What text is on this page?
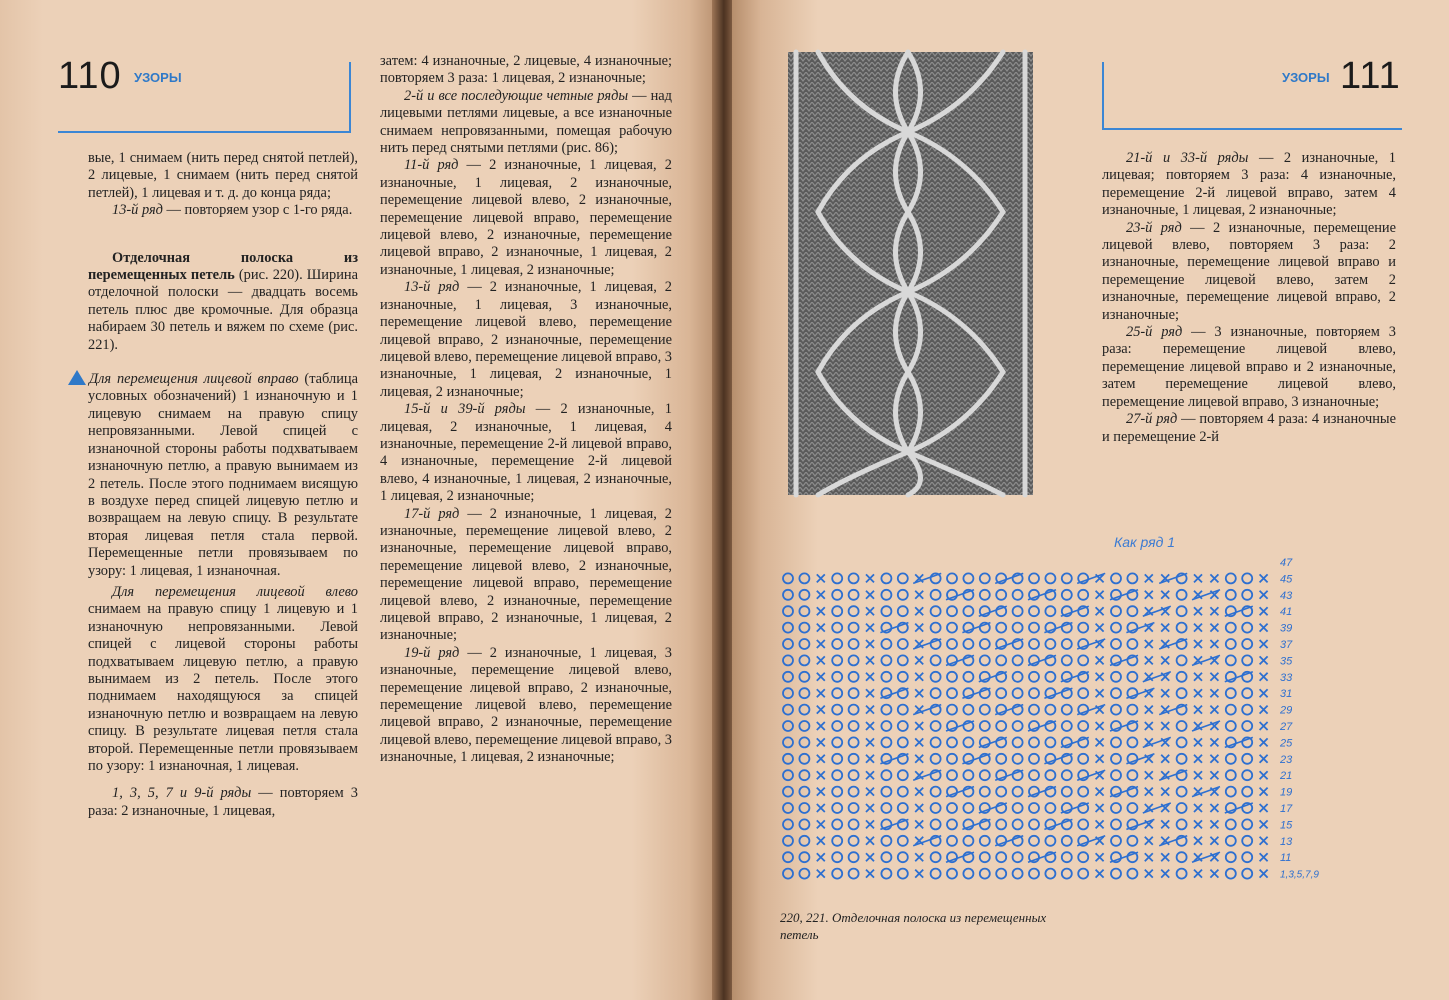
110 УЗОРЫ

вые, 1 снимаем (нить перед снятой петлей), 2 лицевые, 1 снимаем (нить перед снятой петлей), 1 лицевая и т. д. до конца ряда;

13-й ряд — повторяем узор с 1-го ряда.

Отделочная полоска из перемещенных петель (рис. 220). Ширина отделочной полоски — двадцать восемь петель плюс две кромочные. Для образца набираем 30 петель и вяжем по схеме (рис. 221).

Для перемещения лицевой вправо (таблица условных обозначений) 1 изнаночную и 1 лицевую снимаем на правую спицу непровязанными. Левой спицей с изнаночной стороны работы подхватываем изнаночную петлю, а правую вынимаем из 2 петель. После этого поднимаем висящую в воздухе перед спицей лицевую петлю и возвращаем на левую спицу. В результате вторая лицевая петля стала первой. Перемещенные петли провязываем по узору: 1 лицевая, 1 изнаночная.

Для перемещения лицевой влево снимаем на правую спицу 1 лицевую и 1 изнаночную непровязанными. Левой спицей с лицевой стороны работы подхватываем лицевую петлю, а правую вынимаем из 2 петель. После этого поднимаем находящуюся за спицей изнаночную петлю и возвращаем на левую спицу. В результате лицевая петля стала второй. Перемещенные петли провязываем по узору: 1 изнаночная, 1 лицевая.

1, 3, 5, 7 и 9-й ряды — повторяем 3 раза: 2 изнаночные, 1 лицевая,

затем: 4 изнаночные, 2 лицевые, 4 изнаночные; повторяем 3 раза: 1 лицевая, 2 изнаночные;

2-й и все последующие четные ряды — над лицевыми петлями лицевые, а все изнаночные снимаем непровязанными, помещая рабочую нить перед снятыми петлями (рис. 86);

11-й ряд — 2 изнаночные, 1 лицевая, 2 изнаночные, 1 лицевая, 2 изнаночные, перемещение лицевой влево, 2 изнаночные, перемещение лицевой вправо, перемещение лицевой влево, 2 изнаночные, перемещение лицевой вправо, 2 изнаночные, 1 лицевая, 2 изнаночные, 1 лицевая, 2 изнаночные;

13-й ряд — 2 изнаночные, 1 лицевая, 2 изнаночные, 1 лицевая, 3 изнаночные, перемещение лицевой влево, перемещение лицевой вправо, 2 изнаночные, перемещение лицевой влево, перемещение лицевой вправо, 3 изнаночные, 1 лицевая, 2 изнаночные, 1 лицевая, 2 изнаночные;

15-й и 39-й ряды — 2 изнаночные, 1 лицевая, 2 изнаночные, 1 лицевая, 4 изнаночные, перемещение 2-й лицевой вправо, 4 изнаночные, перемещение 2-й лицевой влево, 4 изнаночные, 1 лицевая, 2 изнаночные, 1 лицевая, 2 изнаночные;

17-й ряд — 2 изнаночные, 1 лицевая, 2 изнаночные, перемещение лицевой влево, 2 изнаночные, перемещение лицевой вправо, перемещение лицевой влево, 2 изнаночные, перемещение лицевой вправо, перемещение лицевой влево, 2 изнаночные, перемещение лицевой вправо, 2 изнаночные, 1 лицевая, 2 изнаночные;

19-й ряд — 2 изнаночные, 1 лицевая, 3 изнаночные, перемещение лицевой влево, перемещение лицевой вправо, 2 изнаночные, перемещение лицевой влево, перемещение лицевой вправо, 2 изнаночные, перемещение лицевой влево, перемещение лицевой вправо, 3 изнаночные, 1 лицевая, 2 изнаночные;

УЗОРЫ 111

21-й и 33-й ряды — 2 изнаночные, 1 лицевая; повторяем 3 раза: 4 изнаночные, перемещение 2-й лицевой вправо, затем 4 изнаночные, 1 лицевая, 2 изнаночные;

23-й ряд — 2 изнаночные, перемещение лицевой влево, повторяем 3 раза: 2 изнаночные, перемещение лицевой вправо и перемещение лицевой влево, затем 2 изнаночные, перемещение лицевой вправо, 2 изнаночные;

25-й ряд — 3 изнаночные, повторяем 3 раза: перемещение лицевой влево, перемещение лицевой вправо и 2 изнаночные, затем перемещение лицевой влево, перемещение лицевой вправо, 3 изнаночные;

27-й ряд — повторяем 4 раза: 4 изнаночные и перемещение 2-й

Как ряд 1
47
45
43
41
39
37
35
33
31
29
27
25
23
21
19
17
15
13
11
1,3,5,7,9
220, 221. Отделочная полоска из перемещенных петель
